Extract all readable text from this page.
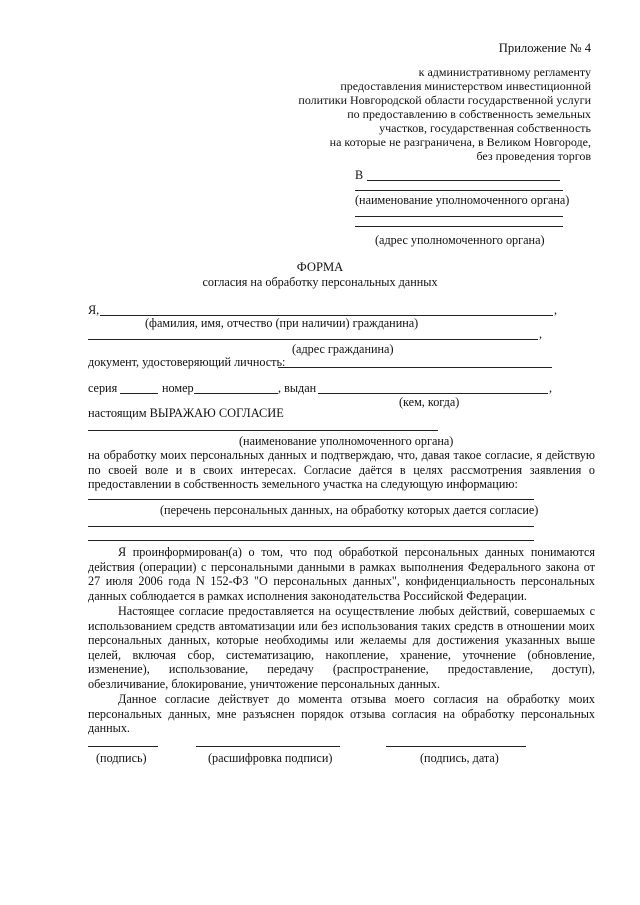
Приложение № 4
к административному регламенту
предоставления министерством инвестиционной
политики Новгородской области государственной услуги
по предоставлению в собственность земельных
участков, государственная собственность
на которые не разграничена, в Великом Новгороде,
без проведения торгов
В
(наименование уполномоченного органа)
(адрес уполномоченного органа)
ФОРМА
согласия на обработку персональных данных
Я,	,
(фамилия, имя, отчество (при наличии) гражданина)
,
(адрес гражданина)
документ, удостоверяющий личность:
серия	номер	, выдан	,
(кем, когда)
настоящим ВЫРАЖАЮ СОГЛАСИЕ
(наименование уполномоченного органа)
на обработку моих персональных данных и подтверждаю, что, давая такое согласие, я действую по своей воле и в своих интересах. Согласие даётся в целях рассмотрения заявления о предоставлении в собственность земельного участка на следующую информацию:
(перечень персональных данных, на обработку которых дается согласие)
Я проинформирован(а) о том, что под обработкой персональных данных понимаются действия (операции) с персональными данными в рамках выполнения Федерального закона от 27 июля 2006 года N 152-ФЗ "О персональных данных", конфиденциальность персональных данных соблюдается в рамках исполнения законодательства Российской Федерации.
Настоящее согласие предоставляется на осуществление любых действий, совершаемых с использованием средств автоматизации или без использования таких средств в отношении моих персональных данных, которые необходимы или желаемы для достижения указанных выше целей, включая сбор, систематизацию, накопление, хранение, уточнение (обновление, изменение), использование, передачу (распространение, предоставление, доступ), обезличивание, блокирование, уничтожение персональных данных.
Данное согласие действует до момента отзыва моего согласия на обработку моих персональных данных, мне разъяснен порядок отзыва согласия на обработку персональных данных.
(подпись)	(расшифровка подписи)	(подпись, дата)
